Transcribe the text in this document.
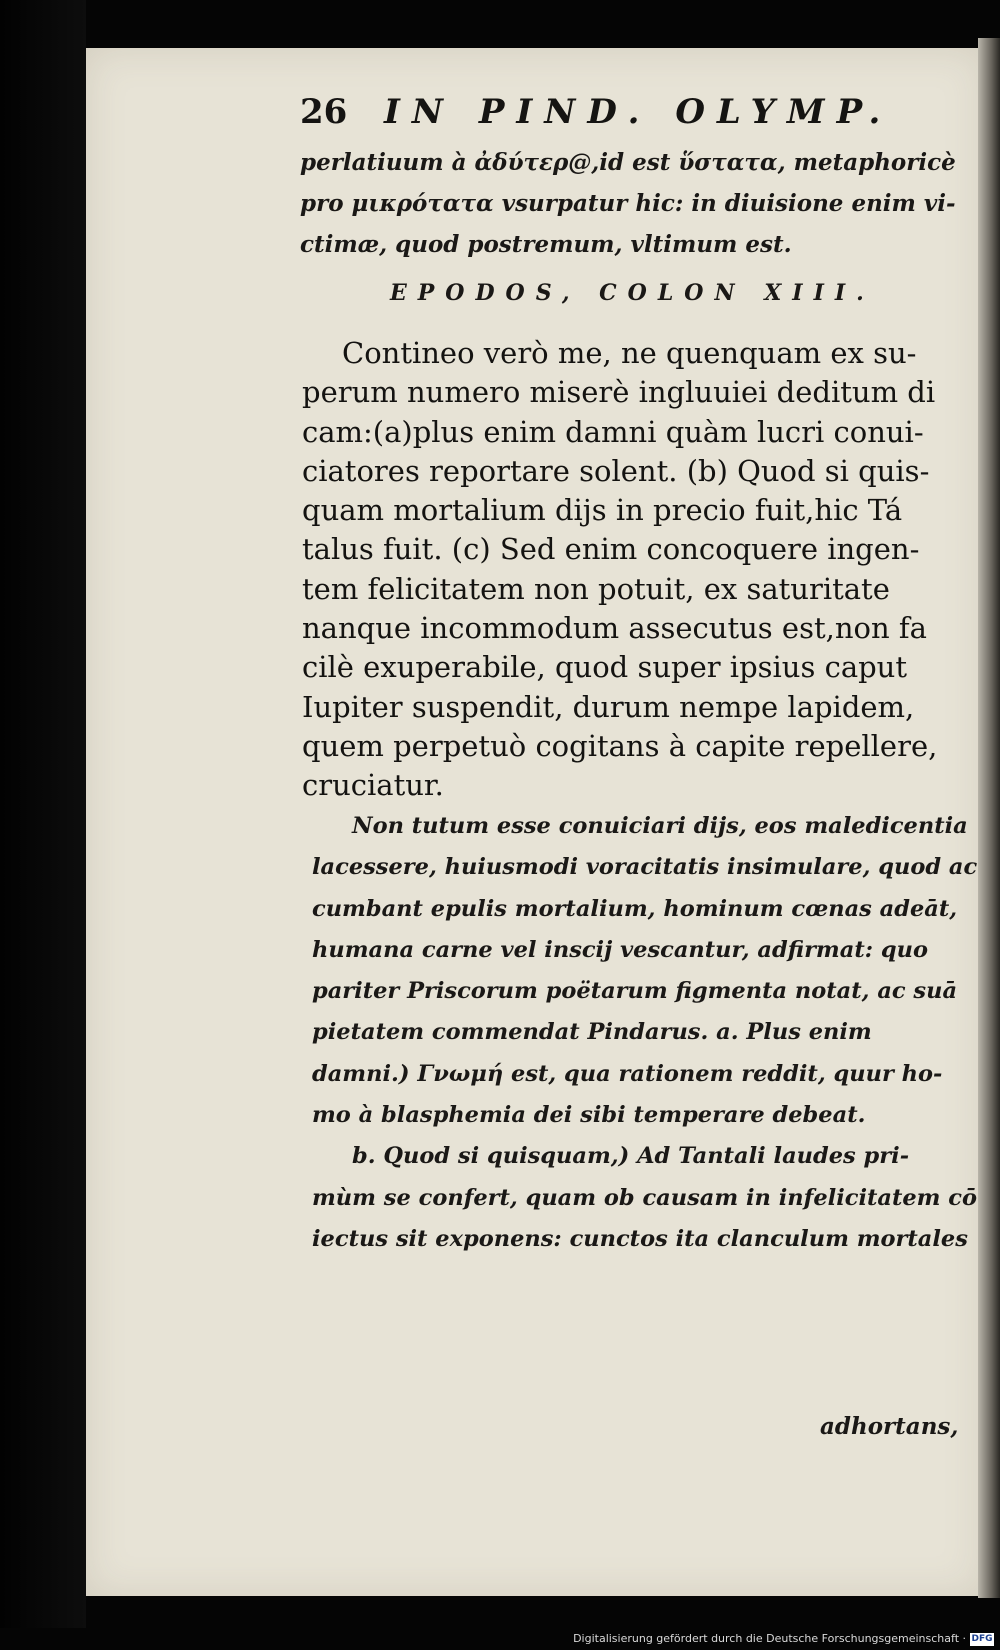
26 IN PIND. OLYMP.
perlatiuum à ἀδύτερ@,id est ὕστατα, metaphoricè
pro μικρότατα vsurpatur hic: in diuisione enim vi-
ctimæ, quod postremum, vltimum est.
EPODOS, COLON XIII.
Contineo verò me, ne quenquam ex su-
perum numero miserè ingluuiei deditum di
cam:(a)plus enim damni quàm lucri conui-
ciatores reportare solent. (b) Quod si quis-
quam mortalium dijs in precio fuit,hic Tá
talus fuit. (c) Sed enim concoquere ingen-
tem felicitatem non potuit, ex saturitate
nanque incommodum assecutus est,non fa
cilè exuperabile, quod super ipsius caput
Iupiter suspendit, durum nempe lapidem,
quem perpetuò cogitans à capite repellere,
cruciatur.
Non tutum esse conuiciari dijs, eos maledicentia
lacessere, huiusmodi voracitatis insimulare, quod ac
cumbant epulis mortalium, hominum cœnas adeāt,
humana carne vel inscij vescantur, adfirmat: quo
pariter Priscorum poëtarum figmenta notat, ac suā
pietatem commendat Pindarus. a. Plus enim
damni.) Γνωμή est, qua rationem reddit, quur ho-
mo à blasphemia dei sibi temperare debeat.
b. Quod si quisquam,) Ad Tantali laudes pri-
mùm se confert, quam ob causam in infelicitatem cō
iectus sit exponens: cunctos ita clanculum mortales
adhortans,
Digitalisierung gefördert durch die Deutsche Forschungsgemeinschaft · DFG
